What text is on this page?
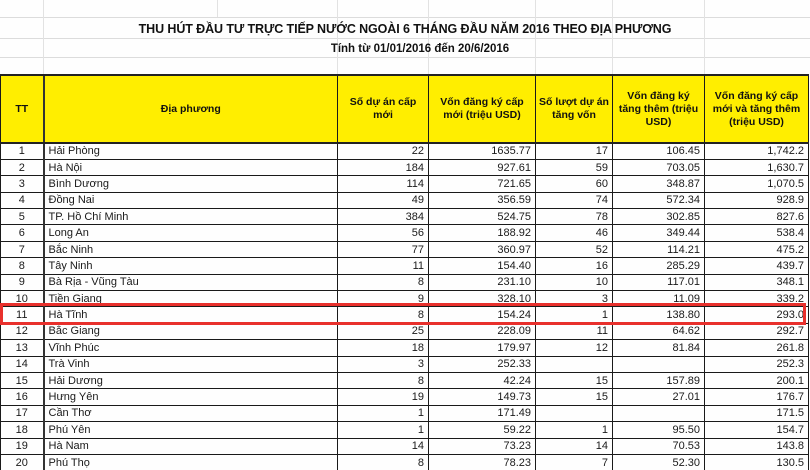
THU HÚT ĐẦU TƯ TRỰC TIẾP NƯỚC NGOÀI 6 THÁNG ĐẦU NĂM 2016 THEO ĐỊA PHƯƠNG
Tính từ 01/01/2016 đến 20/6/2016
TT	Địa phương	Số dự án cấp mới	Vốn đăng ký cấp mới (triệu USD)	Số lượt dự án tăng vốn	Vốn đăng ký tăng thêm (triệu USD)	Vốn đăng ký cấp mới và tăng thêm (triệu USD)
1	Hải Phòng	22	1635.77	17	106.45	1,742.2
2	Hà Nội	184	927.61	59	703.05	1,630.7
3	Bình Dương	114	721.65	60	348.87	1,070.5
4	Đồng Nai	49	356.59	74	572.34	928.9
5	TP. Hồ Chí Minh	384	524.75	78	302.85	827.6
6	Long An	56	188.92	46	349.44	538.4
7	Bắc Ninh	77	360.97	52	114.21	475.2
8	Tây Ninh	11	154.40	16	285.29	439.7
9	Bà Rịa - Vũng Tàu	8	231.10	10	117.01	348.1
10	Tiền Giang	9	328.10	3	11.09	339.2
11	Hà Tĩnh	8	154.24	1	138.80	293.0
12	Bắc Giang	25	228.09	11	64.62	292.7
13	Vĩnh Phúc	18	179.97	12	81.84	261.8
14	Trà Vinh	3	252.33			252.3
15	Hải Dương	8	42.24	15	157.89	200.1
16	Hưng Yên	19	149.73	15	27.01	176.7
17	Cần Thơ	1	171.49			171.5
18	Phú Yên	1	59.22	1	95.50	154.7
19	Hà Nam	14	73.23	14	70.53	143.8
20	Phú Thọ	8	78.23	7	52.30	130.5
